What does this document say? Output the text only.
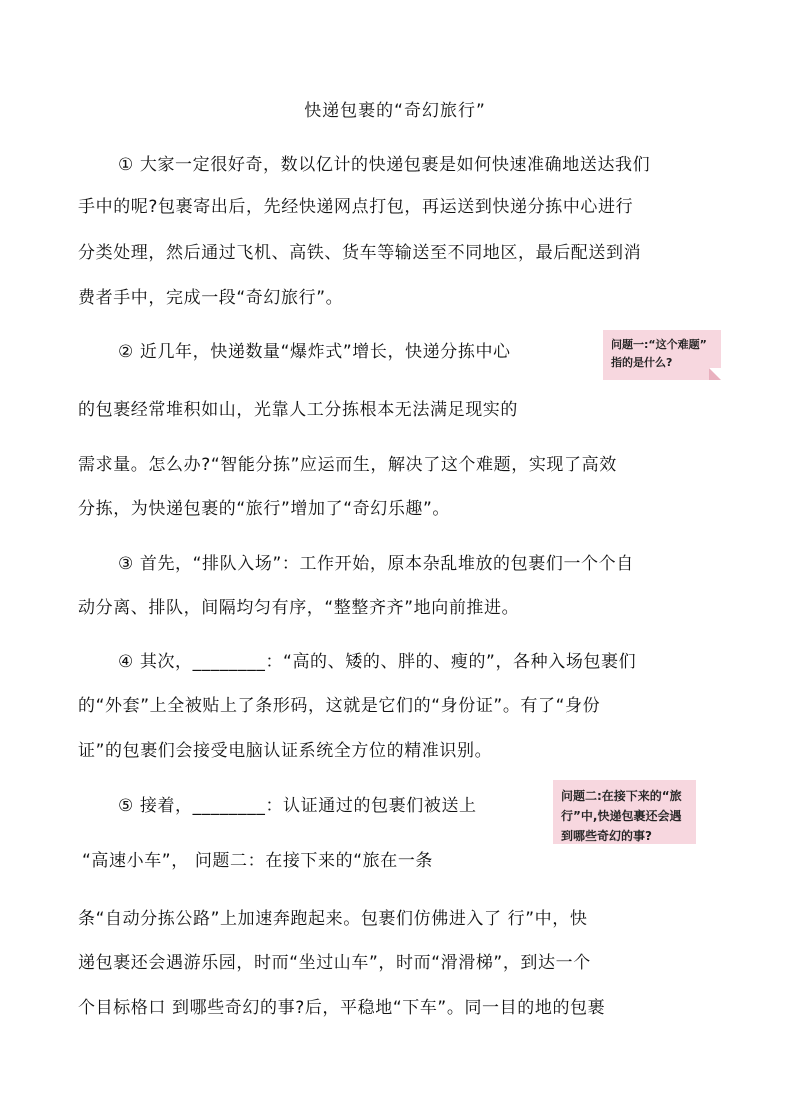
快递包裹的“奇幻旅行”
① 大家一定很好奇，数以亿计的快递包裹是如何快速准确地送达我们
手中的呢?包裹寄出后，先经快递网点打包，再运送到快递分拣中心进行
分类处理，然后通过飞机、高铁、货车等输送至不同地区，最后配送到消
费者手中，完成一段“奇幻旅行”。
② 近几年，快递数量“爆炸式”增长，快递分拣中心
的包裹经常堆积如山，光靠人工分拣根本无法满足现实的
需求量。怎么办?“智能分拣”应运而生，解决了这个难题，实现了高效
分拣，为快递包裹的“旅行”增加了“奇幻乐趣”。
③ 首先，“排队入场”：工作开始，原本杂乱堆放的包裹们一个个自
动分离、排队，间隔均匀有序，“整整齐齐”地向前推进。
④ 其次，________：“高的、矮的、胖的、瘦的”，各种入场包裹们
的“外套”上全被贴上了条形码，这就是它们的“身份证”。有了“身份
证”的包裹们会接受电脑认证系统全方位的精准识别。
⑤ 接着，________：认证通过的包裹们被送上
“高速小车”， 问题二：在接下来的“旅在一条
条“自动分拣公路”上加速奔跑起来。包裹们仿佛进入了 行”中，快
递包裹还会遇游乐园，时而“坐过山车”，时而“滑滑梯”，到达一个
个目标格口 到哪些奇幻的事?后，平稳地“下车”。同一目的地的包裹
问题一:“这个难题”
指的是什么?
问题二:在接下来的“旅
行”中,快递包裹还会遇
到哪些奇幻的事?
